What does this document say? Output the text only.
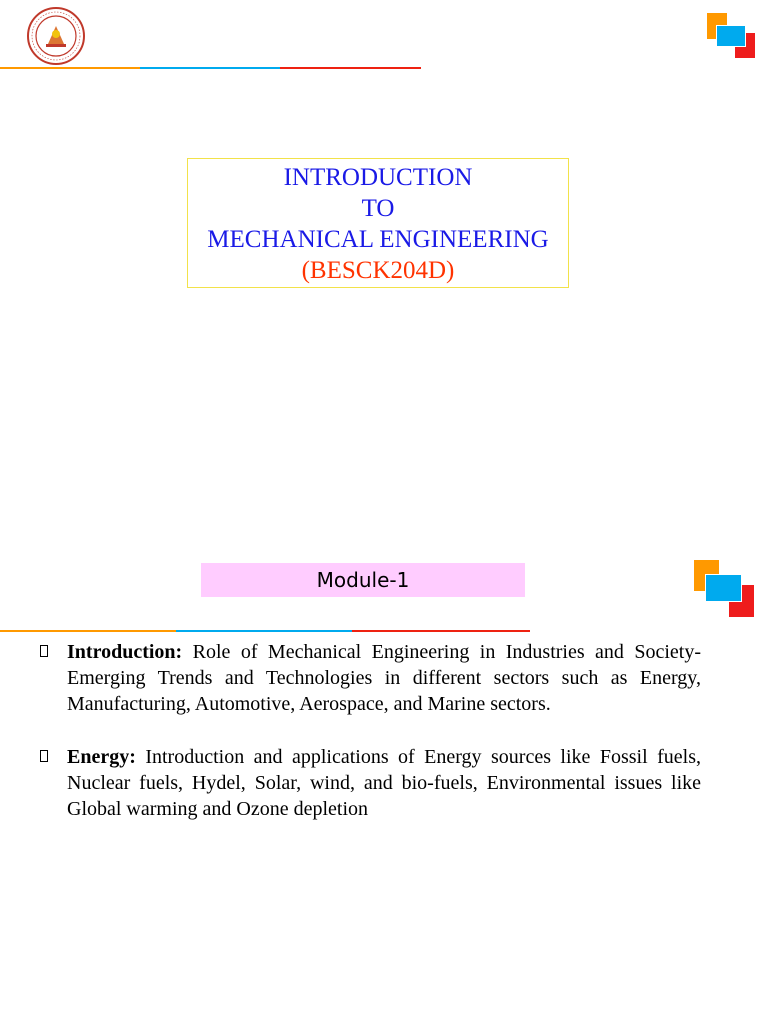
INTRODUCTION
TO
MECHANICAL ENGINEERING
(BESCK204D)
Module-1
Introduction: Role of Mechanical Engineering in Industries and Society- Emerging Trends and Technologies in different sectors such as Energy, Manufacturing, Automotive, Aerospace, and Marine sectors.
Energy: Introduction and applications of Energy sources like Fossil fuels, Nuclear fuels, Hydel, Solar, wind, and bio-fuels, Environmental issues like Global warming and Ozone depletion
